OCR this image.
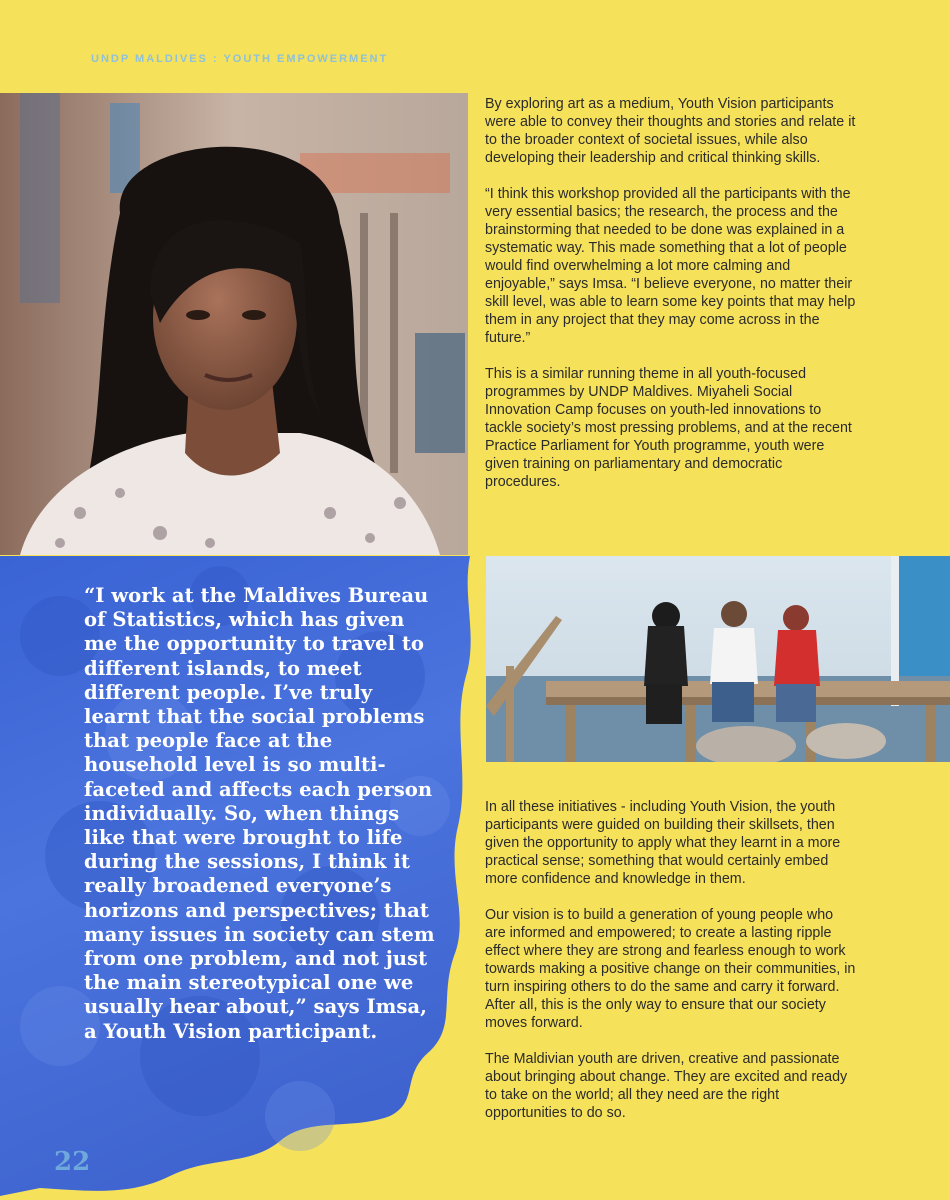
UNDP MALDIVES : YOUTH EMPOWERMENT

By exploring art as a medium, Youth Vision participants were able to convey their thoughts and stories and relate it to the broader context of societal issues, while also developing their leadership and critical thinking skills.

“I think this workshop provided all the participants with the very essential basics; the research, the process and the brainstorming that needed to be done was explained in a systematic way. This made something that a lot of people would find overwhelming a lot more calming and enjoyable,” says Imsa. “I believe everyone, no matter their skill level, was able to learn some key points that may help them in any project that they may come across in the future.”

This is a similar running theme in all youth-focused programmes by UNDP Maldives. Miyaheli Social Innovation Camp focuses on youth-led innovations to tackle society’s most pressing problems, and at the recent Practice Parliament for Youth programme, youth were given training on parliamentary and democratic procedures.

“I work at the Maldives Bureau of Statistics, which has given me the opportunity to travel to different islands, to meet different people. I’ve truly learnt that the social problems that people face at the household level is so multi-faceted and affects each person individually. So, when things like that were brought to life during the sessions, I think it really broadened everyone’s horizons and perspectives; that many issues in society can stem from one problem, and not just the main stereotypical one we usually hear about,” says Imsa, a Youth Vision participant.

In all these initiatives - including Youth Vision, the youth participants were guided on building their skillsets, then given the opportunity to apply what they learnt in a more practical sense; something that would certainly embed more confidence and knowledge in them.

Our vision is to build a generation of young people who are informed and empowered; to create a lasting ripple effect where they are strong and fearless enough to work towards making a positive change on their communities, in turn inspiring others to do the same and carry it forward. After all, this is the only way to ensure that our society moves forward.

The Maldivian youth are driven, creative and passionate about bringing about change. They are excited and ready to take on the world; all they need are the right opportunities to do so.

22
